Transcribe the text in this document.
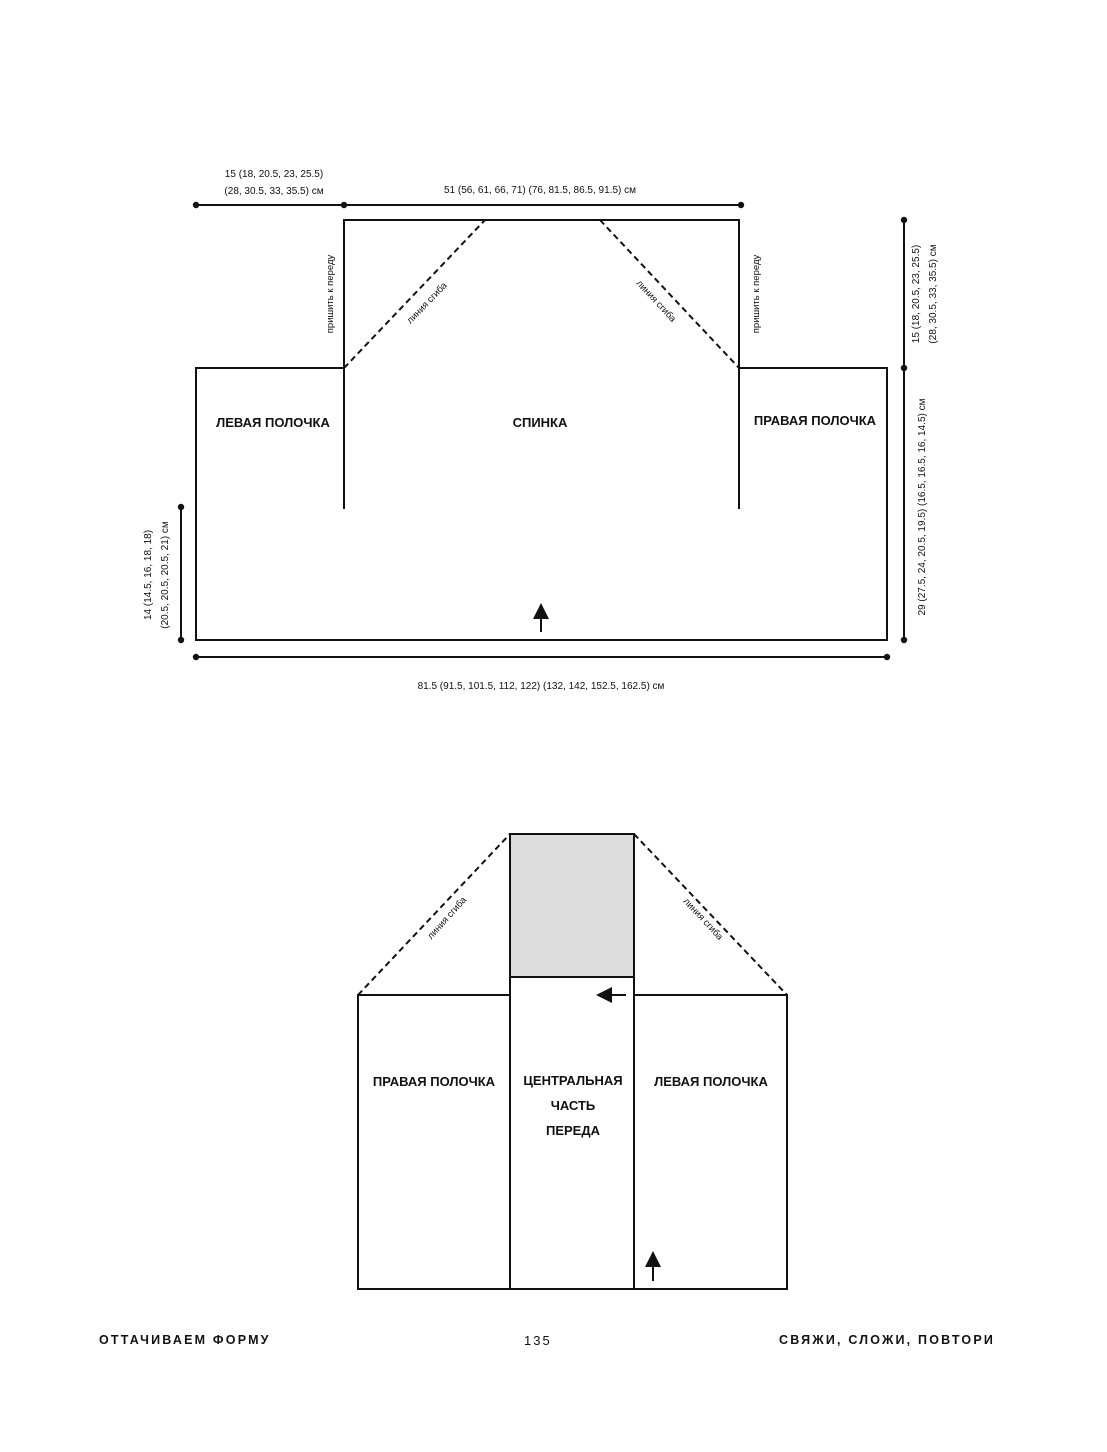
15 (18, 20.5, 23, 25.5)
(28, 30.5, 33, 35.5) см	51 (56, 61, 66, 71) (76, 81.5, 86.5, 91.5) см
81.5 (91.5, 101.5, 112, 122) (132, 142, 152.5, 162.5) см
15 (18, 20.5, 23, 25.5) (28, 30.5, 33, 35.5) см
29 (27.5, 24, 20.5, 19.5) (16.5, 16.5, 16, 14.5) см
14 (14.5, 16, 18, 18) (20.5, 20.5, 20.5, 21) см
ЛЕВАЯ ПОЛОЧКА	СПИНКА	ПРАВАЯ ПОЛОЧКА
пришить к переду	пришить к переду
линия сгиба	линия сгиба
ПРАВАЯ ПОЛОЧКА ЦЕНТРАЛЬНАЯ
ЧАСТЬ
ПЕРЕДА
ЛЕВАЯ ПОЛОЧКА
линия сгиба	линия сгиба
ОТТАЧИВАЕМ ФОРМУ	135	СВЯЖИ, СЛОЖИ, ПОВТОРИ
